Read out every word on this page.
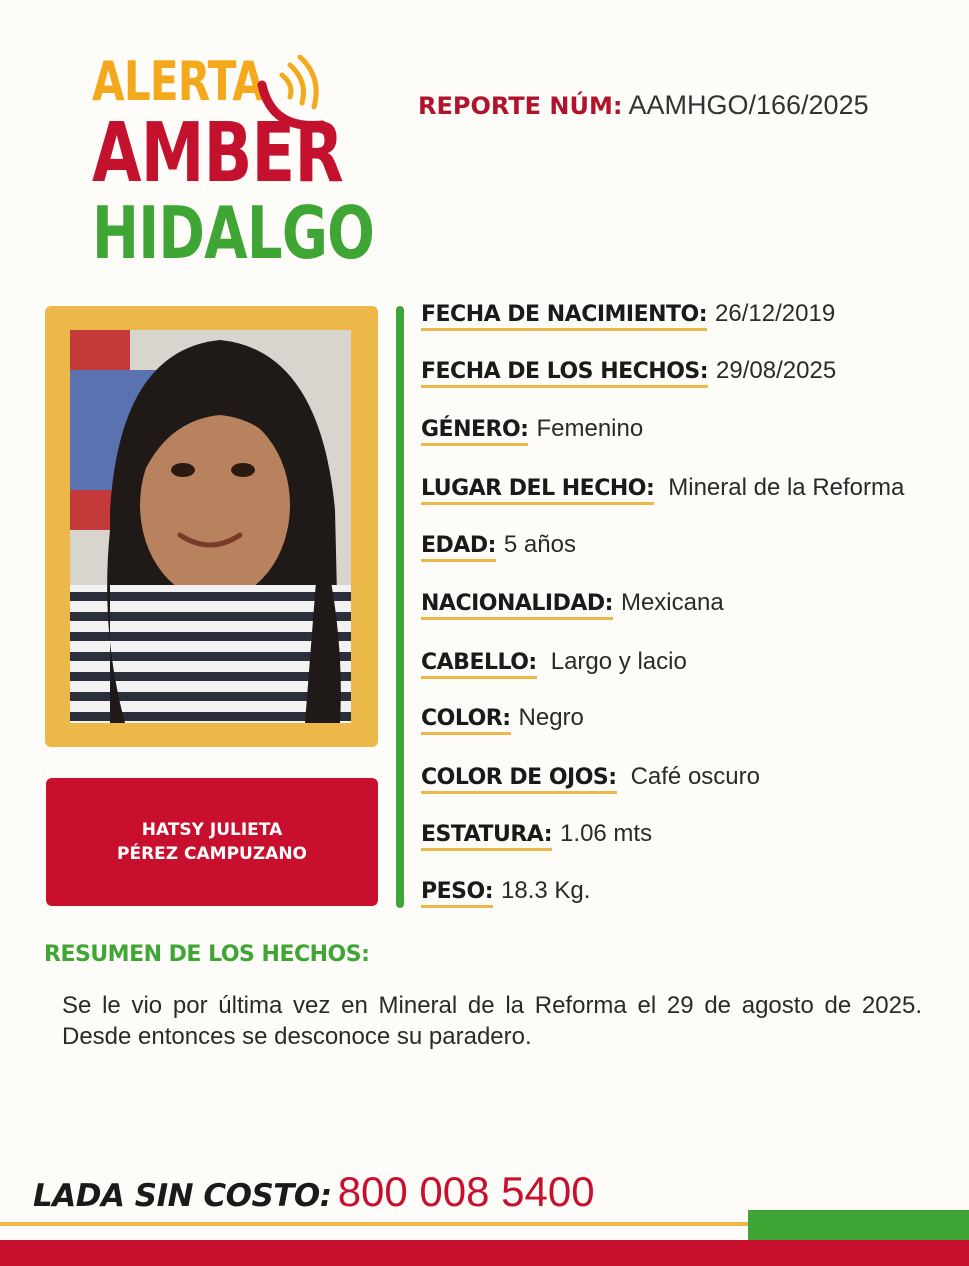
ALERTA
AMBER
HIDALGO
REPORTE NÚM: AAMHGO/166/2025
HATSY JULIETA
PÉREZ CAMPUZANO
FECHA DE NACIMIENTO: 26/12/2019
FECHA DE LOS HECHOS: 29/08/2025
GÉNERO: Femenino
LUGAR DEL HECHO: Mineral de la Reforma
EDAD: 5 años
NACIONALIDAD: Mexicana
CABELLO: Largo y lacio
COLOR: Negro
COLOR DE OJOS: Café oscuro
ESTATURA: 1.06 mts
PESO: 18.3 Kg.
RESUMEN DE LOS HECHOS:
Se le vio por última vez en Mineral de la Reforma el 29 de agosto de 2025. Desde entonces se desconoce su paradero.
LADA SIN COSTO: 800 008 5400
